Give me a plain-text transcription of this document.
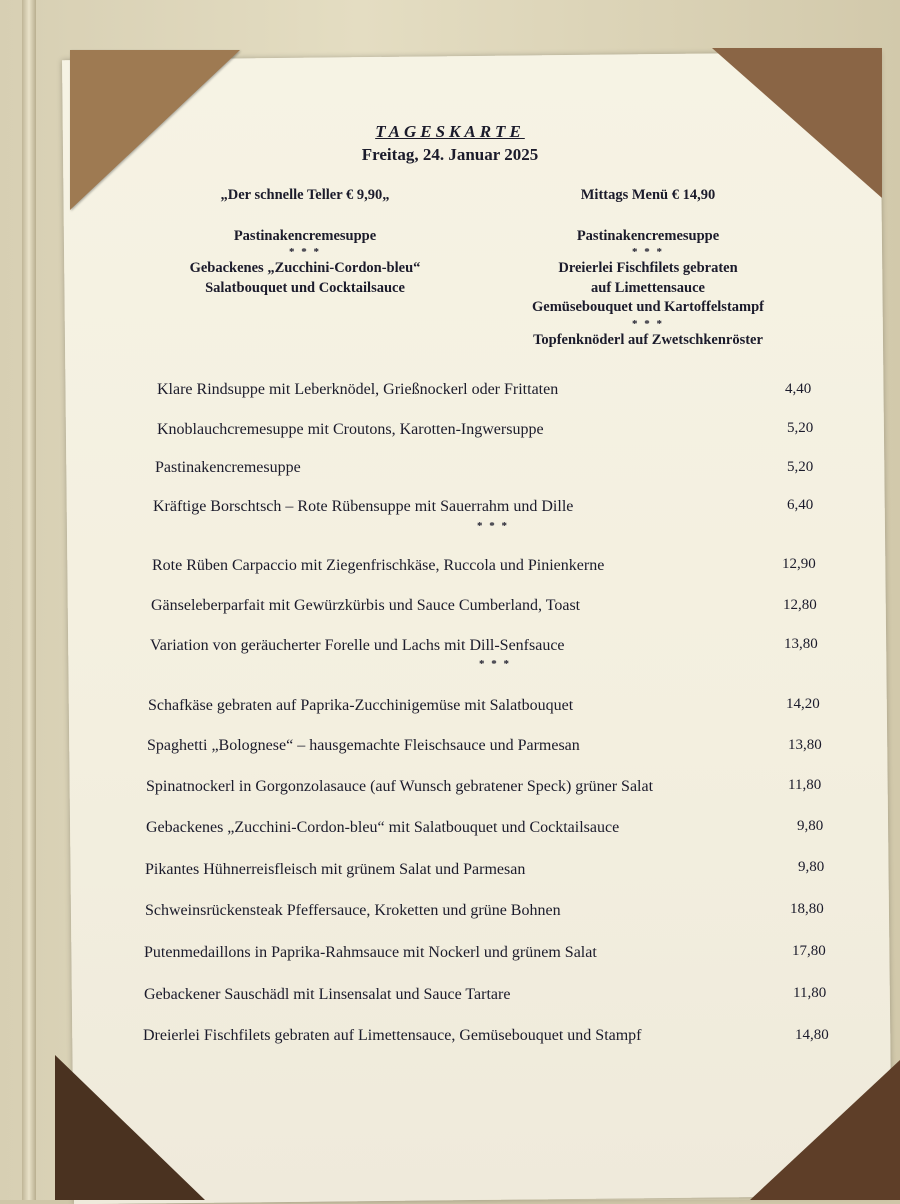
TAGESKARTE
Freitag, 24. Januar 2025
„Der schnelle Teller € 9,90„
Pastinakencremesuppe
* * *
Gebackenes „Zucchini-Cordon-bleu“
Salatbouquet und Cocktailsauce
Mittags Menü € 14,90
Pastinakencremesuppe
* * *
Dreierlei Fischfilets gebraten
auf Limettensauce
Gemüsebouquet und Kartoffelstampf
* * *
Topfenknöderl auf Zwetschkenröster
Klare Rindsuppe mit Leberknödel, Grießnockerl oder Frittaten	4,40
Knoblauchcremesuppe mit Croutons, Karotten-Ingwersuppe	5,20
Pastinakencremesuppe	5,20
Kräftige Borschtsch – Rote Rübensuppe mit Sauerrahm und Dille	6,40
* * *
Rote Rüben Carpaccio mit Ziegenfrischkäse, Ruccola und Pinienkerne	12,90
Gänseleberparfait mit Gewürzkürbis und Sauce Cumberland, Toast	12,80
Variation von geräucherter Forelle und Lachs mit Dill-Senfsauce	13,80
* * *
Schafkäse gebraten auf Paprika-Zucchinigemüse mit Salatbouquet	14,20
Spaghetti „Bolognese“ – hausgemachte Fleischsauce und Parmesan	13,80
Spinatnockerl in Gorgonzolasauce (auf Wunsch gebratener Speck) grüner Salat	11,80
Gebackenes „Zucchini-Cordon-bleu“ mit Salatbouquet und Cocktailsauce	9,80
Pikantes Hühnerreisfleisch mit grünem Salat und Parmesan	9,80
Schweinsrückensteak Pfeffersauce, Kroketten und grüne Bohnen	18,80
Putenmedaillons in Paprika-Rahmsauce mit Nockerl und grünem Salat	17,80
Gebackener Sauschädl mit Linsensalat und Sauce Tartare	11,80
Dreierlei Fischfilets gebraten auf Limettensauce, Gemüsebouquet und Stampf	14,80
